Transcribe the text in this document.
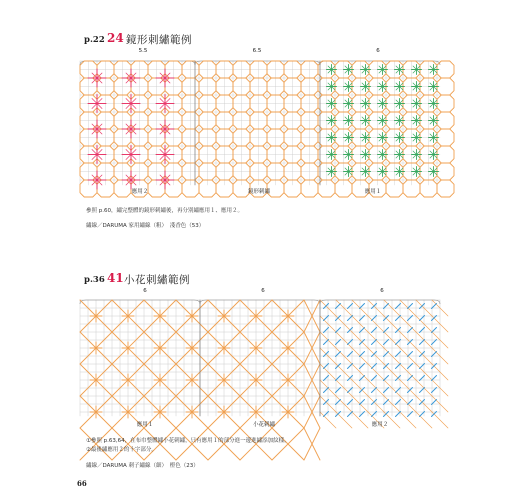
p.22 24 鏡形刺繡範例
5.5	6.5	6
應用２	鏡形刺繡	應用１
參照 p.60，繡完整體的鏡形刺繡後，再分別繡應用１、應用２。
繡線／DARUMA 家用繡線（粗）　淺香色（53）
p.36 41 小花刺繡範例
6	6	6
應用１	小花刺繡	應用２
①參照 p.63,64，在布巾整體繡小花刺繡，只有應用１的部分進一邊進繡添加紋樣。
②最後繡應用２的十字部分。
繡線／DARUMA 刺子繡線（細）　橙色（23）
66
